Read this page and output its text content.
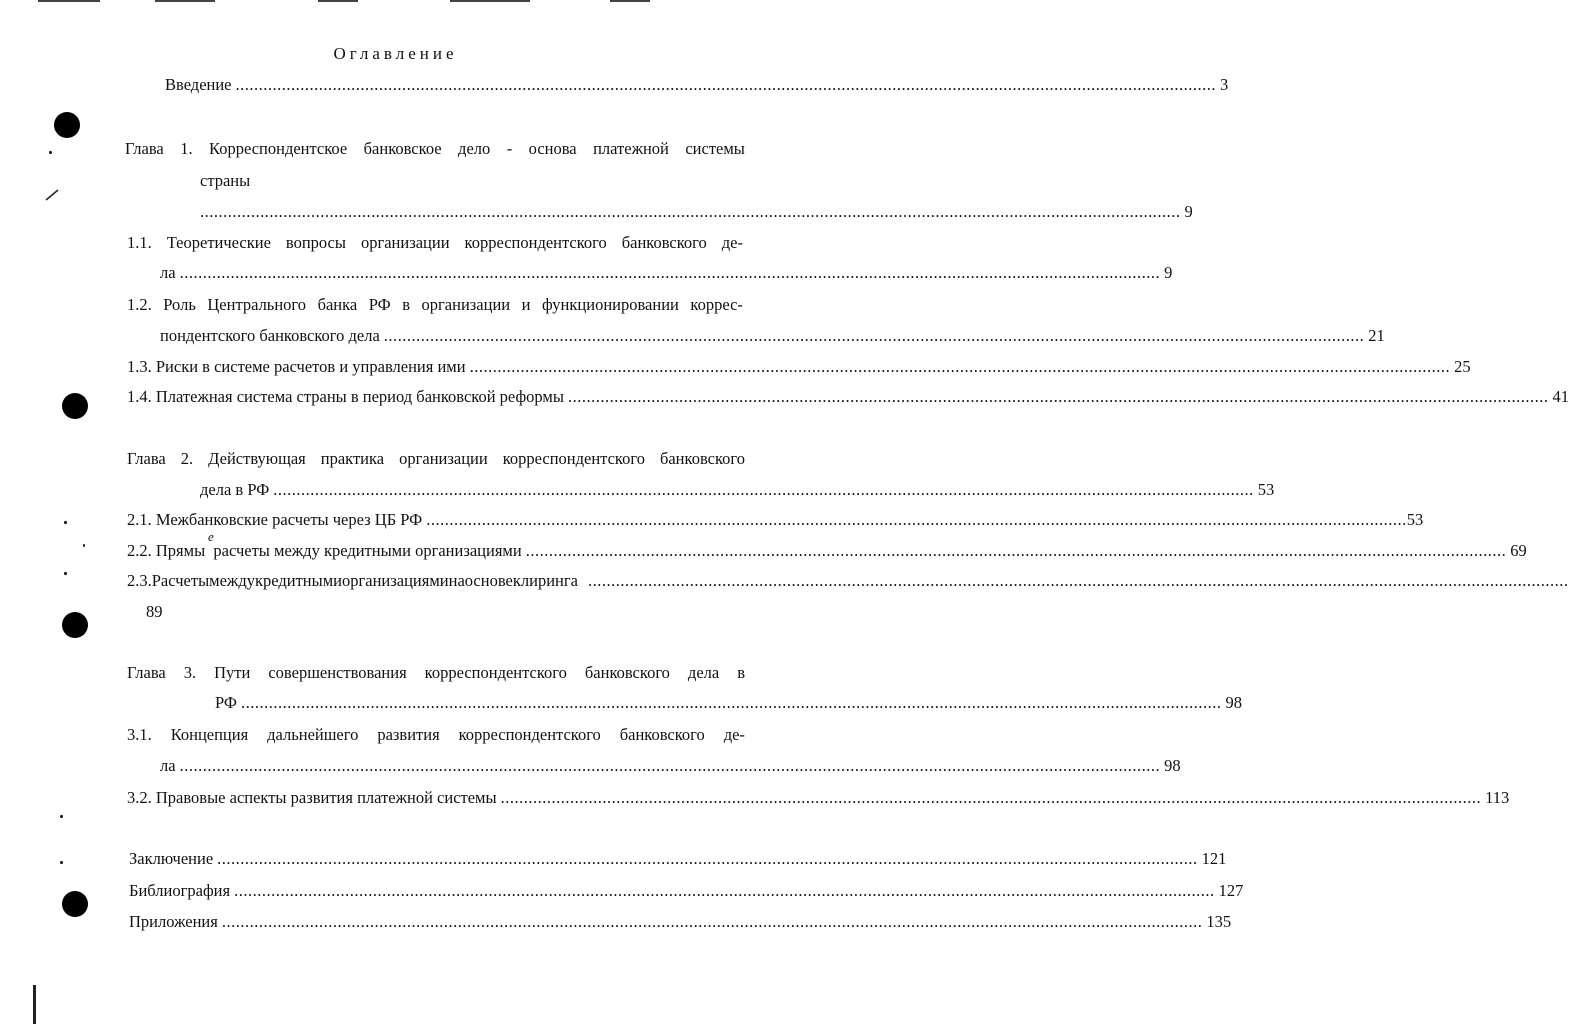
Оглавление
Введение .................................................................................................................................................................................................................... 3
Глава 1. Корреспондентское банковское дело - основа платежной системы
страны
.................................................................................................................................................................................................................... 9
1.1. Теоретические вопросы организации корреспондентского банковского де-
ла .................................................................................................................................................................................................................... 9
1.2. Роль Центрального банка РФ в организации и функционировании коррес-
пондентского банковского дела .................................................................................................................................................................................................................... 21
1.3. Риски в системе расчетов и управления ими .................................................................................................................................................................................................................... 25
1.4. Платежная система страны в период банковской реформы .................................................................................................................................................................................................................... 41
Глава 2. Действующая практика организации корреспондентского банковского
дела в РФ .................................................................................................................................................................................................................... 53
2.1. Межбанковские расчеты через ЦБ РФ .................................................................................................................................................................................................................... 53
2.2. Прямы  расчеты между кредитными организациями .................................................................................................................................................................................................................... 69
е
2.3. Расчеты между кредитными организациями на основе клиринга ....................................................................................................................................................................................................................
89
Глава 3. Пути совершенствования корреспондентского банковского дела в
РФ .................................................................................................................................................................................................................... 98
3.1. Концепция дальнейшего развития корреспондентского банковского де-
ла .................................................................................................................................................................................................................... 98
3.2. Правовые аспекты развития платежной системы .................................................................................................................................................................................................................... 113
Заключение .................................................................................................................................................................................................................... 121
Библиография .................................................................................................................................................................................................................... 127
Приложения .................................................................................................................................................................................................................... 135
